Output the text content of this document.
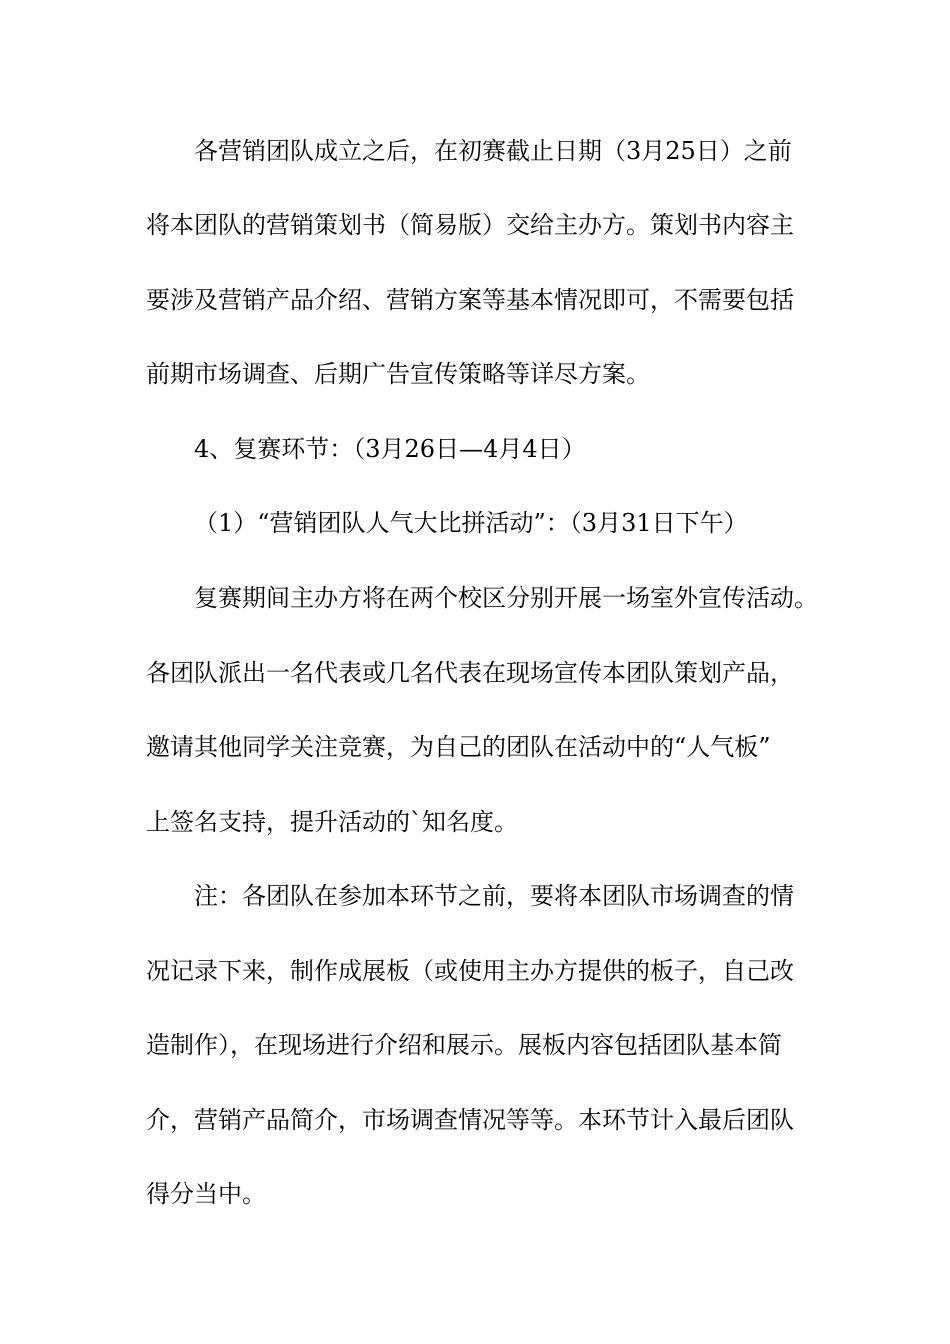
各营销团队成立之后，在初赛截止日期（3月25日）之前
将本团队的营销策划书（简易版）交给主办方。策划书内容主
要涉及营销产品介绍、营销方案等基本情况即可，不需要包括
前期市场调查、后期广告宣传策略等详尽方案。
4、复赛环节：（3月26日—4月4日）
（1）“营销团队人气大比拼活动”：（3月31日下午）
复赛期间主办方将在两个校区分别开展一场室外宣传活动。
各团队派出一名代表或几名代表在现场宣传本团队策划产品，
邀请其他同学关注竞赛，为自己的团队在活动中的“人气板”
上签名支持，提升活动的`知名度。
注：各团队在参加本环节之前，要将本团队市场调查的情
况记录下来，制作成展板（或使用主办方提供的板子，自己改
造制作），在现场进行介绍和展示。展板内容包括团队基本简
介，营销产品简介，市场调查情况等等。本环节计入最后团队
得分当中。
